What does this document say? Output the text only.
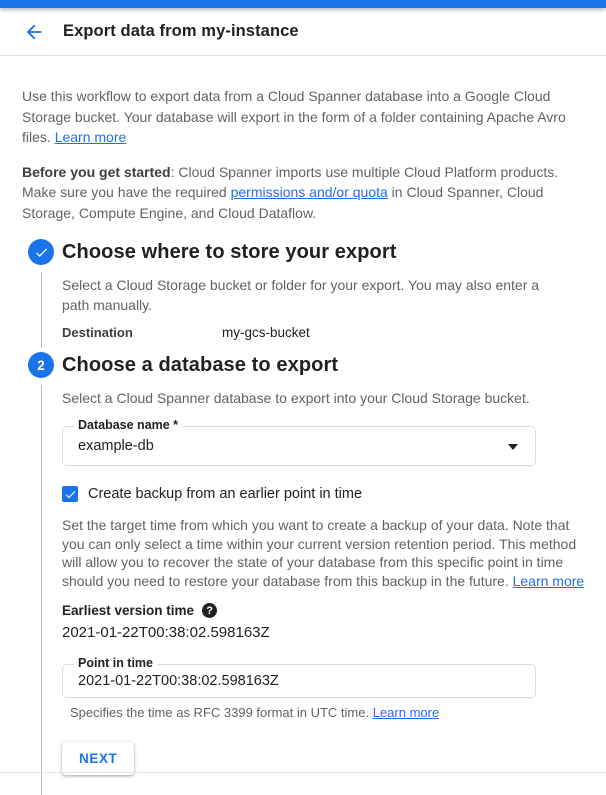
Export data from my-instance

Use this workflow to export data from a Cloud Spanner database into a Google Cloud Storage bucket. Your database will export in the form of a folder containing Apache Avro files. Learn more

Before you get started: Cloud Spanner imports use multiple Cloud Platform products. Make sure you have the required permissions and/or quota in Cloud Spanner, Cloud Storage, Compute Engine, and Cloud Dataflow.

Choose where to store your export

Select a Cloud Storage bucket or folder for your export. You may also enter a path manually.

Destination	my-gcs-bucket
2 Choose a database to export

Select a Cloud Spanner database to export into your Cloud Storage bucket.

Database name *
example-db
Create backup from an earlier point in time

Set the target time from which you want to create a backup of your data. Note that you can only select a time within your current version retention period. This method will allow you to recover the state of your database from this specific point in time should you need to restore your database from this backup in the future. Learn more

Earliest version time	?
2021-01-22T00:38:02.598163Z
Point in time
2021-01-22T00:38:02.598163Z

Specifies the time as RFC 3399 format in UTC time. Learn more

NEXT
